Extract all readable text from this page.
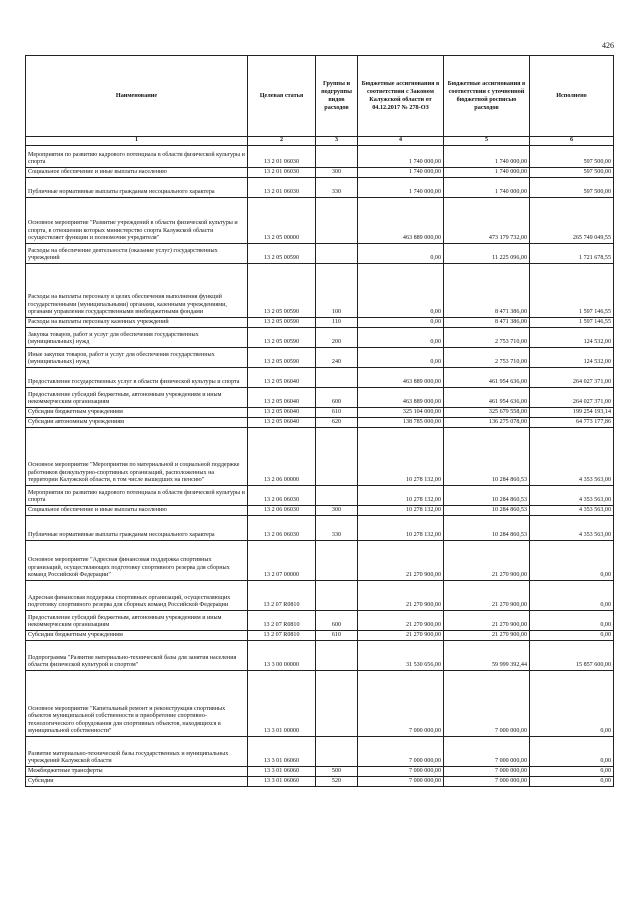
426
Наименование	Целевая статья	Группы и подгруппы видов расходов	Бюджетные ассигнования в соответствии с Законом Калужской области от 04.12.2017 № 278-ОЗ	Бюджетные ассигнования в соответствии с уточненной бюджетной росписью расходов	Исполнено
1	2	3	4	5	6
Мероприятия по развитию кадрового потенциала в области физической культуры и спорта	13 2 01 06030		1 740 000,00	1 740 000,00	597 500,00
Социальное обеспечение и иные выплаты населению	13 2 01 06030	300	1 740 000,00	1 740 000,00	597 500,00
Публичные нормативные выплаты гражданам несоциального характера	13 2 01 06030	330	1 740 000,00	1 740 000,00	597 500,00
Основное мероприятие "Развитие учреждений в области физической культуры и спорта, в отношении которых министерство спорта Калужской области осуществляет функции и полномочия учредителя"	13 2 05 00000		463 889 000,00	473 179 732,00	265 749 049,55
Расходы на обеспечение деятельности (оказание услуг) государственных учреждений	13 2 05 00590		0,00	11 225 096,00	1 721 678,55
Расходы на выплаты персоналу в целях обеспечения выполнения функций государственными (муниципальными) органами, казенными учреждениями, органами управления государственными внебюджетными фондами	13 2 05 00590	100	0,00	8 471 386,00	1 597 146,55
Расходы на выплаты персоналу казенных учреждений	13 2 05 00590	110	0,00	8 471 386,00	1 597 146,55
Закупка товаров, работ и услуг для обеспечения государственных (муниципальных) нужд	13 2 05 00590	200	0,00	2 753 710,00	124 532,00
Иные закупки товаров, работ и услуг для обеспечения государственных (муниципальных) нужд	13 2 05 00590	240	0,00	2 753 710,00	124 532,00
Предоставление государственных услуг в области физической культуры и спорта	13 2 05 06040		463 889 000,00	461 954 636,00	264 027 371,00
Предоставление субсидий бюджетным, автономным учреждениям и иным некоммерческим организациям	13 2 05 06040	600	463 889 000,00	461 954 636,00	264 027 371,00
Субсидии бюджетным учреждениям	13 2 05 06040	610	325 104 000,00	325 679 558,00	199 254 193,14
Субсидии автономным учреждениям	13 2 05 06040	620	138 785 000,00	136 275 078,00	64 773 177,86
Основное мероприятие "Мероприятия по материальной и социальной поддержке работников физкультурно-спортивных организаций, расположенных на территории Калужской области, в том числе вышедших на пенсию"	13 2 06 00000		10 278 132,00	10 284 860,53	4 353 563,00
Мероприятия по развитию кадрового потенциала в области физической культуры и спорта	13 2 06 06030		10 278 132,00	10 284 860,53	4 353 563,00
Социальное обеспечение и иные выплаты населению	13 2 06 06030	300	10 278 132,00	10 284 860,53	4 353 563,00
Публичные нормативные выплаты гражданам несоциального характера	13 2 06 06030	330	10 278 132,00	10 284 860,53	4 353 563,00
Основное мероприятие "Адресная финансовая поддержка спортивных организаций, осуществляющих подготовку спортивного резерва для сборных команд Российской Федерации"	13 2 07 00000		21 270 900,00	21 270 900,00	0,00
Адресная финансовая поддержка спортивных организаций, осуществляющих подготовку спортивного резерва для сборных команд Российской Федерации	13 2 07 R0810		21 270 900,00	21 270 900,00	0,00
Предоставление субсидий бюджетным, автономным учреждениям и иным некоммерческим организациям	13 2 07 R0810	600	21 270 900,00	21 270 900,00	0,00
Субсидии бюджетным учреждениям	13 2 07 R0810	610	21 270 900,00	21 270 900,00	0,00
Подпрограмма "Развитие материально-технической базы для занятия населения области физической культурой и спортом"	13 3 00 00000		31 530 656,00	59 999 392,44	15 857 600,00
Основное мероприятие "Капитальный ремонт и реконструкция спортивных объектов муниципальной собственности и приобретение спортивно-технологического оборудования для спортивных объектов, находящихся в муниципальной собственности"	13 3 01 00000		7 000 000,00	7 000 000,00	0,00
Развитие материально-технической базы государственных и муниципальных учреждений Калужской области	13 3 01 06060		7 000 000,00	7 000 000,00	0,00
Межбюджетные трансферты	13 3 01 06060	500	7 000 000,00	7 000 000,00	0,00
Субсидии	13 3 01 06060	520	7 000 000,00	7 000 000,00	0,00
